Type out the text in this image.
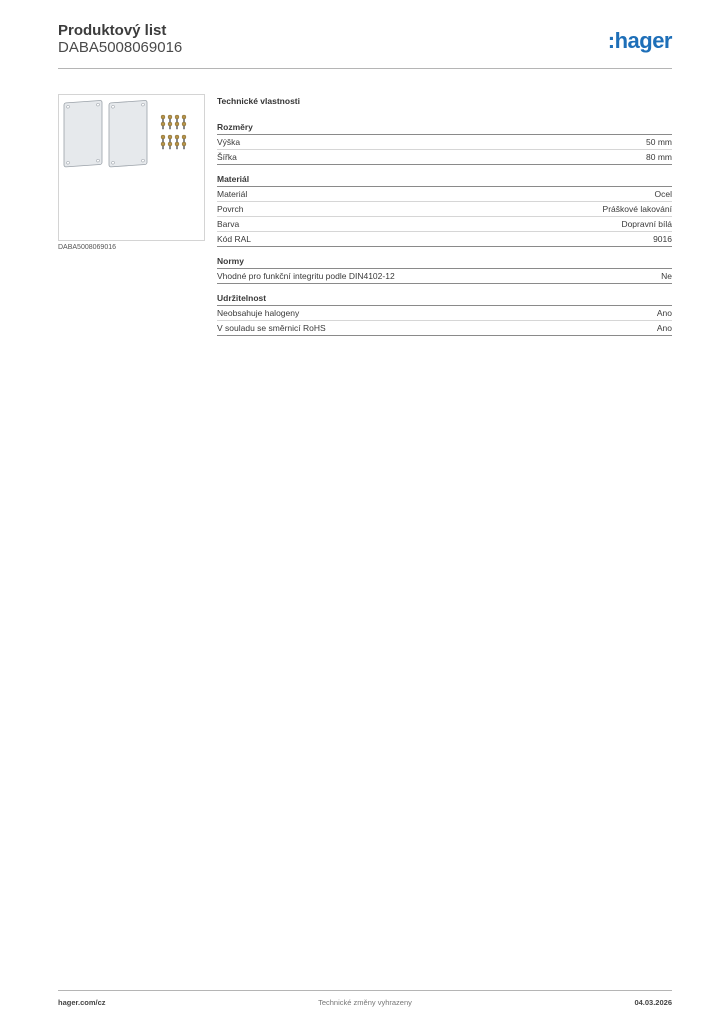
Produktový list
DABA5008069016	:hager
DABA5008069016
Technické vlastnosti
Rozměry
Výška	50 mm
Šířka	80 mm
Materiál
Materiál	Ocel
Povrch	Práškové lakování
Barva	Dopravní bílá
Kód RAL	9016
Normy
Vhodné pro funkční integritu podle DIN4102-12	Ne
Udržitelnost
Neobsahuje halogeny	Ano
V souladu se směrnicí RoHS	Ano
hager.com/cz	Technické změny vyhrazeny	04.03.2026
